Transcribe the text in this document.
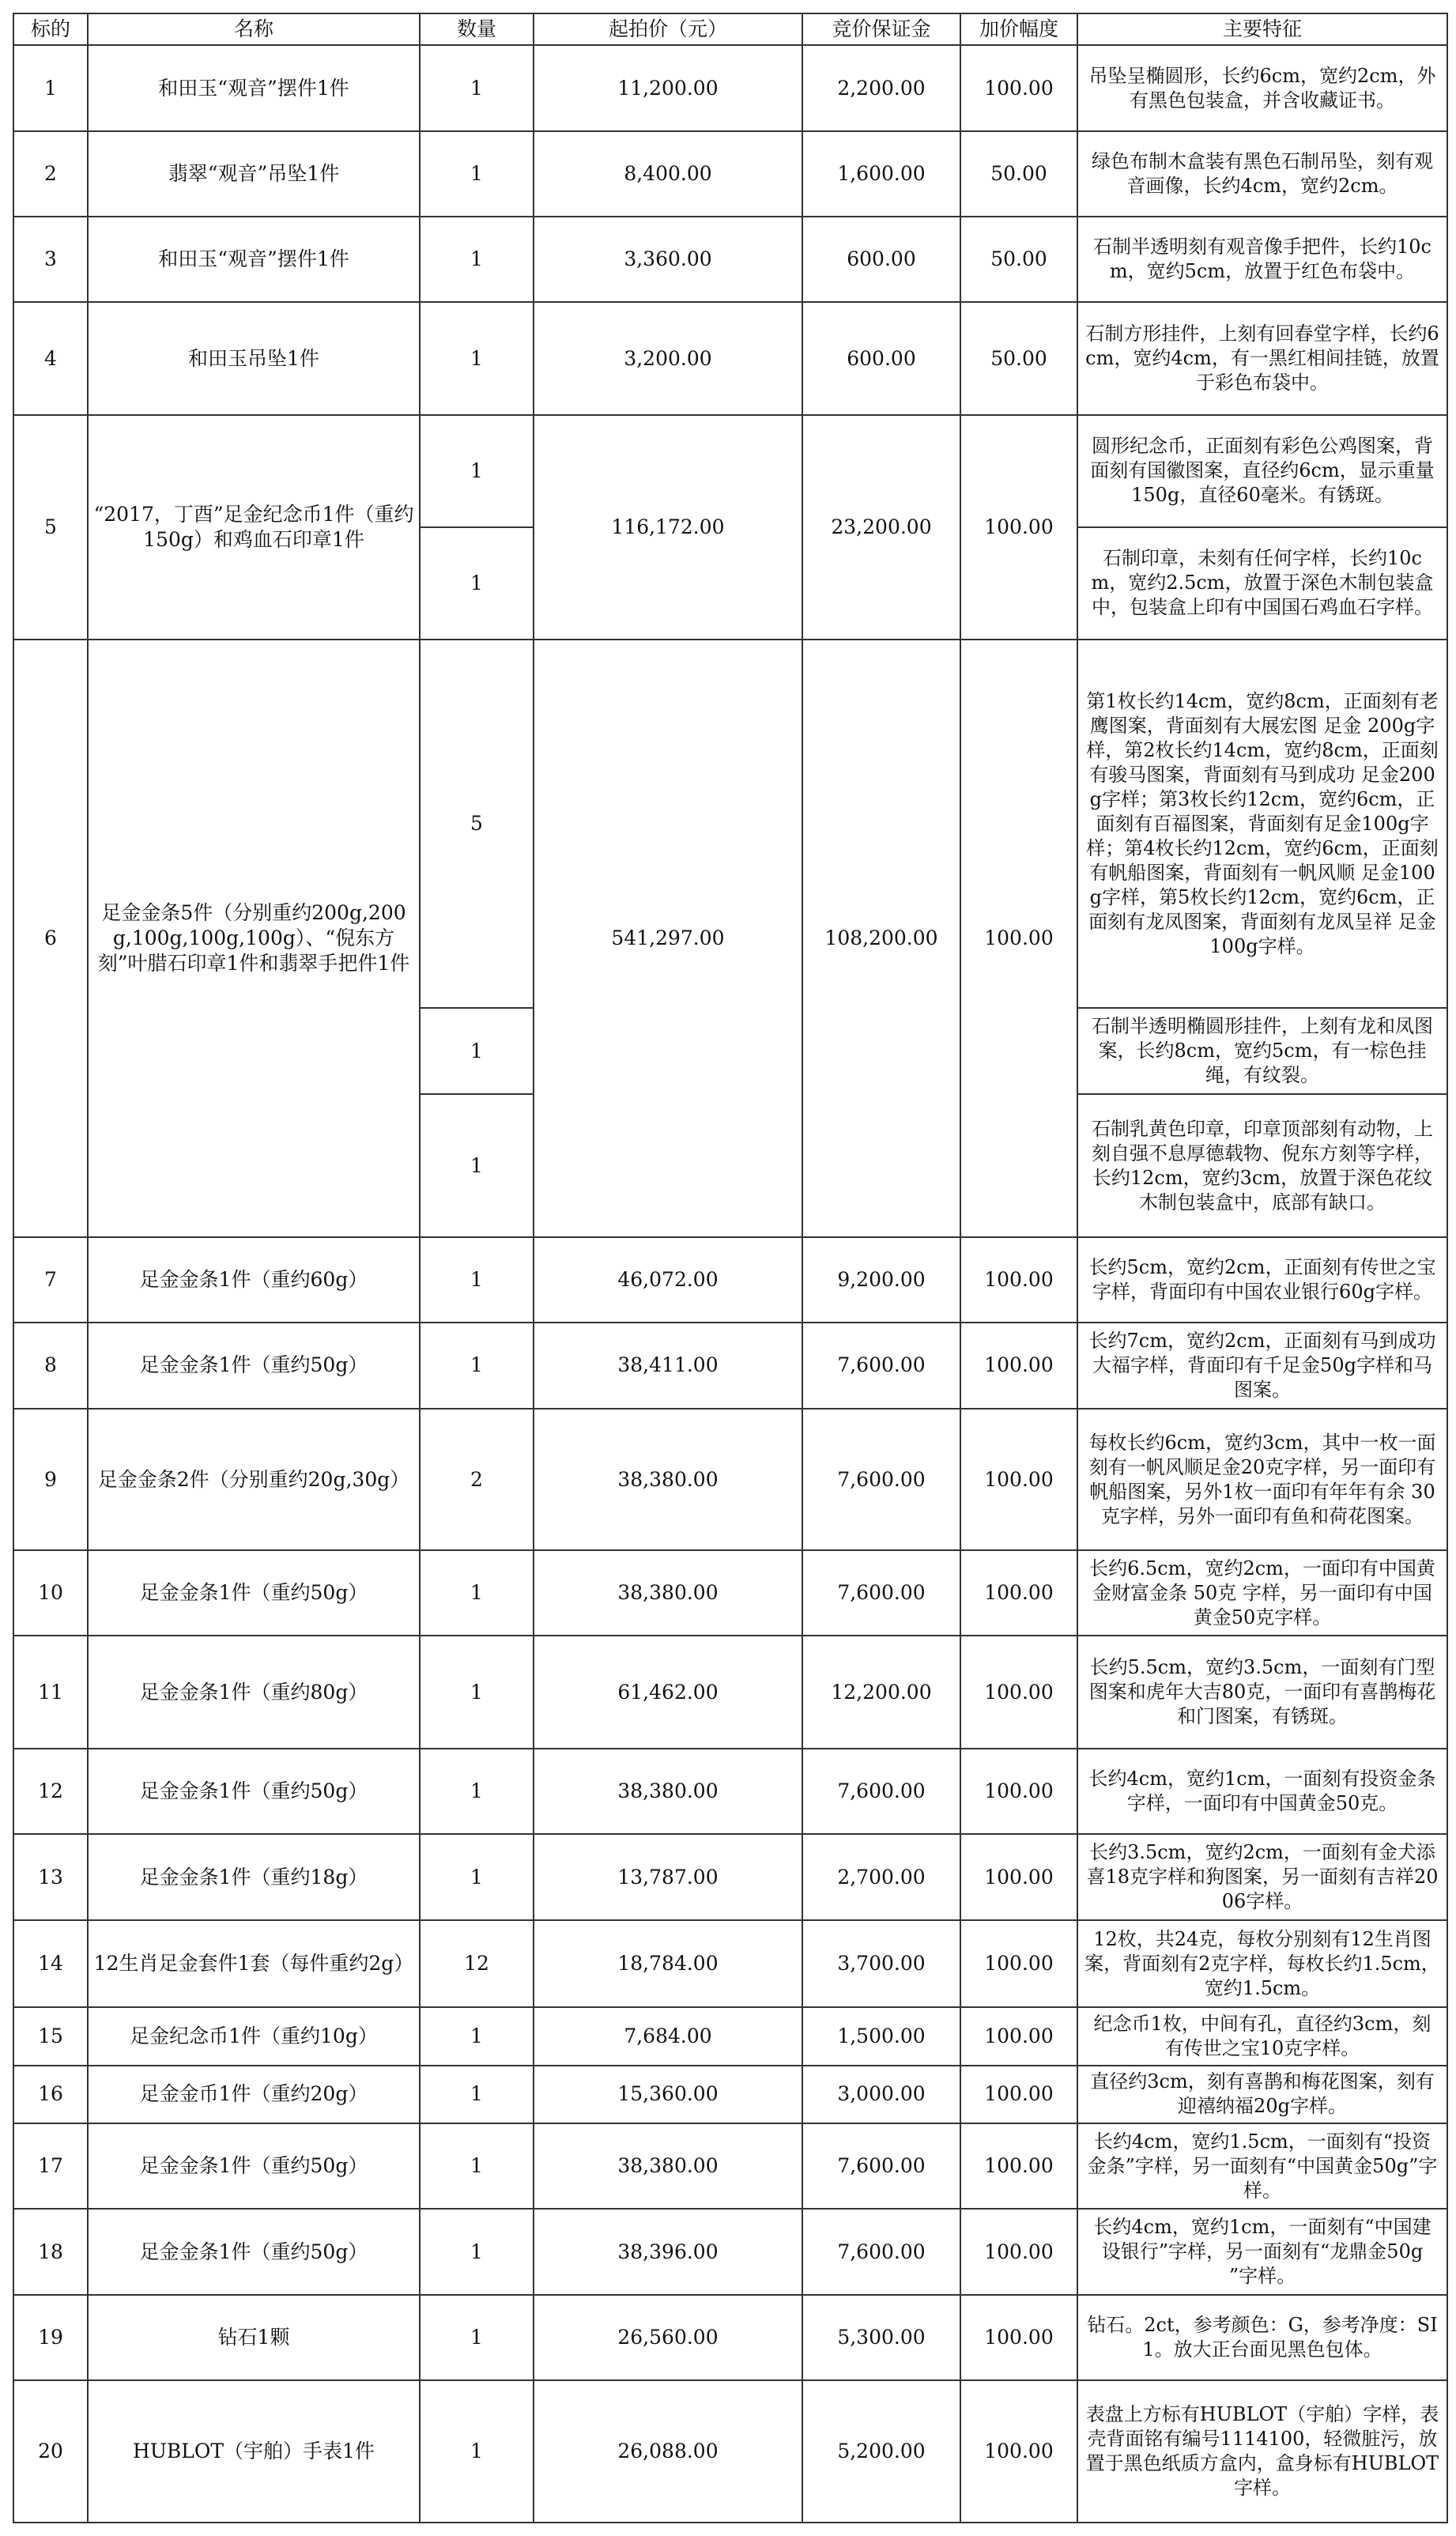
标的	名称	数量	起拍价（元）	竞价保证金	加价幅度	主要特征
1	和田玉“观音”摆件1件	1	11,200.00	2,200.00	100.00	吊坠呈椭圆形，长约6cm，宽约2cm，外有黑色包装盒，并含收藏证书。
2	翡翠“观音”吊坠1件	1	8,400.00	1,600.00	50.00	绿色布制木盒装有黑色石制吊坠，刻有观音画像，长约4cm，宽约2cm。
3	和田玉“观音”摆件1件	1	3,360.00	600.00	50.00	石制半透明刻有观音像手把件，长约10cm，宽约5cm，放置于红色布袋中。
4	和田玉吊坠1件	1	3,200.00	600.00	50.00	石制方形挂件，上刻有回春堂字样，长约6cm，宽约4cm，有一黑红相间挂链，放置于彩色布袋中。
5	“2017，丁酉”足金纪念币1件（重约150g）和鸡血石印章1件	1	116,172.00	23,200.00	100.00	圆形纪念币，正面刻有彩色公鸡图案，背面刻有国徽图案，直径约6cm，显示重量150g，直径60毫米。有锈斑。
		1				石制印章，未刻有任何字样，长约10cm，宽约2.5cm，放置于深色木制包装盒中，包装盒上印有中国国石鸡血石字样。
6	足金金条5件（分别重约200g,200g,100g,100g,100g）、“倪东方刻”叶腊石印章1件和翡翠手把件1件	5	541,297.00	108,200.00	100.00	第1枚长约14cm，宽约8cm，正面刻有老鹰图案，背面刻有大展宏图 足金 200g字样，第2枚长约14cm，宽约8cm，正面刻有骏马图案，背面刻有马到成功 足金200g字样；第3枚长约12cm，宽约6cm，正面刻有百福图案，背面刻有足金100g字样；第4枚长约12cm，宽约6cm，正面刻有帆船图案，背面刻有一帆风顺 足金100g字样，第5枚长约12cm，宽约6cm，正面刻有龙凤图案，背面刻有龙凤呈祥 足金 100g字样。
		1				石制半透明椭圆形挂件，上刻有龙和凤图案，长约8cm，宽约5cm，有一棕色挂绳，有纹裂。
		1				石制乳黄色印章，印章顶部刻有动物，上刻自强不息厚德载物、倪东方刻等字样，长约12cm，宽约3cm，放置于深色花纹木制包装盒中，底部有缺口。
7	足金金条1件（重约60g）	1	46,072.00	9,200.00	100.00	长约5cm，宽约2cm，正面刻有传世之宝字样，背面印有中国农业银行60g字样。
8	足金金条1件（重约50g）	1	38,411.00	7,600.00	100.00	长约7cm，宽约2cm，正面刻有马到成功大福字样，背面印有千足金50g字样和马图案。
9	足金金条2件（分别重约20g,30g）	2	38,380.00	7,600.00	100.00	每枚长约6cm，宽约3cm，其中一枚一面刻有一帆风顺足金20克字样，另一面印有帆船图案，另外1枚一面印有年年有余 30克字样，另外一面印有鱼和荷花图案。
10	足金金条1件（重约50g）	1	38,380.00	7,600.00	100.00	长约6.5cm，宽约2cm，一面印有中国黄金财富金条 50克 字样，另一面印有中国黄金50克字样。
11	足金金条1件（重约80g）	1	61,462.00	12,200.00	100.00	长约5.5cm，宽约3.5cm，一面刻有门型图案和虎年大吉80克，一面印有喜鹊梅花和门图案，有锈斑。
12	足金金条1件（重约50g）	1	38,380.00	7,600.00	100.00	长约4cm，宽约1cm，一面刻有投资金条字样，一面印有中国黄金50克。
13	足金金条1件（重约18g）	1	13,787.00	2,700.00	100.00	长约3.5cm，宽约2cm，一面刻有金犬添喜18克字样和狗图案，另一面刻有吉祥2006字样。
14	12生肖足金套件1套（每件重约2g）	12	18,784.00	3,700.00	100.00	12枚，共24克，每枚分别刻有12生肖图案，背面刻有2克字样，每枚长约1.5cm，宽约1.5cm。
15	足金纪念币1件（重约10g）	1	7,684.00	1,500.00	100.00	纪念币1枚，中间有孔，直径约3cm，刻有传世之宝10克字样。
16	足金金币1件（重约20g）	1	15,360.00	3,000.00	100.00	直径约3cm，刻有喜鹊和梅花图案，刻有迎禧纳福20g字样。
17	足金金条1件（重约50g）	1	38,380.00	7,600.00	100.00	长约4cm，宽约1.5cm，一面刻有“投资金条”字样，另一面刻有“中国黄金50g”字样。
18	足金金条1件（重约50g）	1	38,396.00	7,600.00	100.00	长约4cm，宽约1cm，一面刻有“中国建设银行”字样，另一面刻有“龙鼎金50g ”字样。
19	钻石1颗	1	26,560.00	5,300.00	100.00	钻石。2ct，参考颜色：G，参考净度：SI1。放大正台面见黑色包体。
20	HUBLOT（宇舶）手表1件	1	26,088.00	5,200.00	100.00	表盘上方标有HUBLOT（宇舶）字样，表壳背面铭有编号1114100，轻微脏污，放置于黑色纸质方盒内，盒身标有HUBLOT字样。
